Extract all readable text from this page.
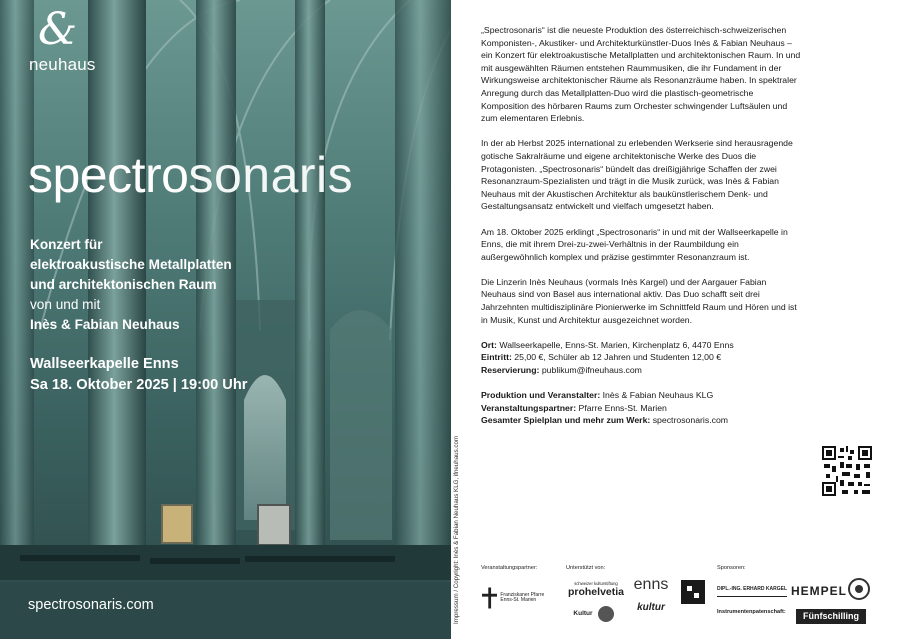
&
neuhaus
spectrosonaris
Konzert für
elektroakustische Metallplatten
und architektonischen Raum
von und mit
Inès & Fabian Neuhaus
Wallseerkapelle Enns
Sa 18. Oktober 2025 | 19:00 Uhr
spectrosonaris.com	Impressum / Copyright: Inès & Fabian Neuhaus KLG, ifneuhaus.com

„Spectrosonaris“ ist die neueste Produktion des österreichisch-schweizerischen Komponisten-, Akustiker- und Architekturkünstler-Duos Inès & Fabian Neuhaus – ein Konzert für elektroakustische Metallplatten und architektonischen Raum. In und mit ausgewählten Räumen entstehen Raummusiken, die ihr Fundament in der Wirkungsweise architektonischer Räume als Resonanzräume haben. In spektraler Anregung durch das Metallplatten-Duo wird die plastisch-geometrische Komposition des hörbaren Raums zum Orchester schwingender Luftsäulen und zum elementaren Erlebnis.

In der ab Herbst 2025 international zu erlebenden Werkserie sind herausragende gotische Sakralräume und eigene architektonische Werke des Duos die Protagonisten. „Spectrosonaris“ bündelt das dreißigjährige Schaffen der zwei Resonanzraum-Spezialisten und trägt in die Musik zurück, was Inès & Fabian Neuhaus mit der Akustischen Architektur als baukünstlerischem Denk- und Gestaltungsansatz entwickelt und vielfach umgesetzt haben.

Am 18. Oktober 2025 erklingt „Spectrosonaris“ in und mit der Wallseerkapelle in Enns, die mit ihrem Drei-zu-zwei-Verhältnis in der Raumbildung ein außergewöhnlich komplex und präzise gestimmter Resonanzraum ist.

Die Linzerin Inès Neuhaus (vormals Inès Kargel) und der Aargauer Fabian Neuhaus sind von Basel aus international aktiv. Das Duo schafft seit drei Jahrzehnten multidisziplinäre Pionierwerke im Schnittfeld Raum und Hören und ist in Musik, Kunst und Architektur ausgezeichnet worden.

Ort: Wallseerkapelle, Enns-St. Marien, Kirchenplatz 6, 4470 Enns
Eintritt: 25,00 €, Schüler ab 12 Jahren und Studenten 12,00 €
Reservierung: publikum@ifneuhaus.com
Produktion und Veranstalter: Inès & Fabian Neuhaus KLG
Veranstaltungspartner: Pfarre Enns-St. Marien
Gesamter Spielplan und mehr zum Werk: spectrosonaris.com
Veranstaltungspartner:	Unterstützt von:	Sponsoren:
Franziskaner Pfarre Enns-St. Marien
schweizer kulturstiftung
prohelvetia
Kultur
enns
kultur
DIPL.-ING. ERHARD KARGEL HEMPEL
Instrumentenpatenschaft:	Fünfschilling
